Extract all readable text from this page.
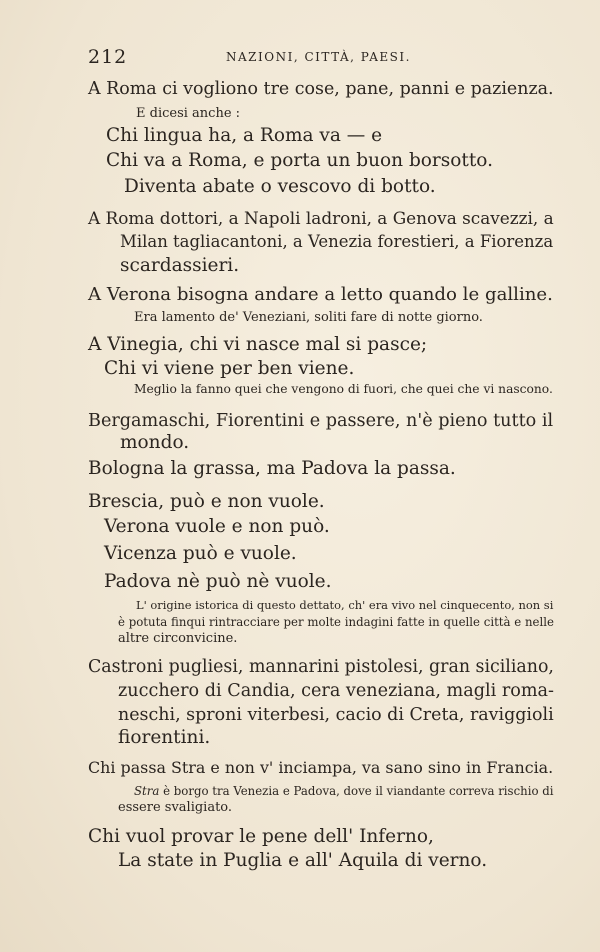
212	NAZIONI, CITTÀ, PAESI.
A Roma ci vogliono tre cose, pane, panni e pazienza.
E dicesi anche :
Chi lingua ha, a Roma va — e
Chi va a Roma, e porta un buon borsotto.
Diventa abate o vescovo di botto.
A Roma dottori, a Napoli ladroni, a Genova scavezzi, a
Milan tagliacantoni, a Venezia forestieri, a Fiorenza
scardassieri.
A Verona bisogna andare a letto quando le galline.
Era lamento de' Veneziani, soliti fare di notte giorno.
A Vinegia, chi vi nasce mal si pasce;
Chi vi viene per ben viene.
Meglio la fanno quei che vengono di fuori, che quei che vi nascono.
Bergamaschi, Fiorentini e passere, n'è pieno tutto il
mondo.
Bologna la grassa, ma Padova la passa.
Brescia, può e non vuole.
Verona vuole e non può.
Vicenza può e vuole.
Padova nè può nè vuole.
L' origine istorica di questo dettato, ch' era vivo nel cinquecento, non si
è potuta finqui rintracciare per molte indagini fatte in quelle città e nelle
altre circonvicine.
Castroni pugliesi, mannarini pistolesi, gran siciliano,
zucchero di Candia, cera veneziana, magli roma-
neschi, sproni viterbesi, cacio di Creta, raviggioli
fiorentini.
Chi passa Stra e non v' inciampa, va sano sino in Francia.
Stra è borgo tra Venezia e Padova, dove il viandante correva rischio di
essere svaligiato.
Chi vuol provar le pene dell' Inferno,
La state in Puglia e all' Aquila di verno.
